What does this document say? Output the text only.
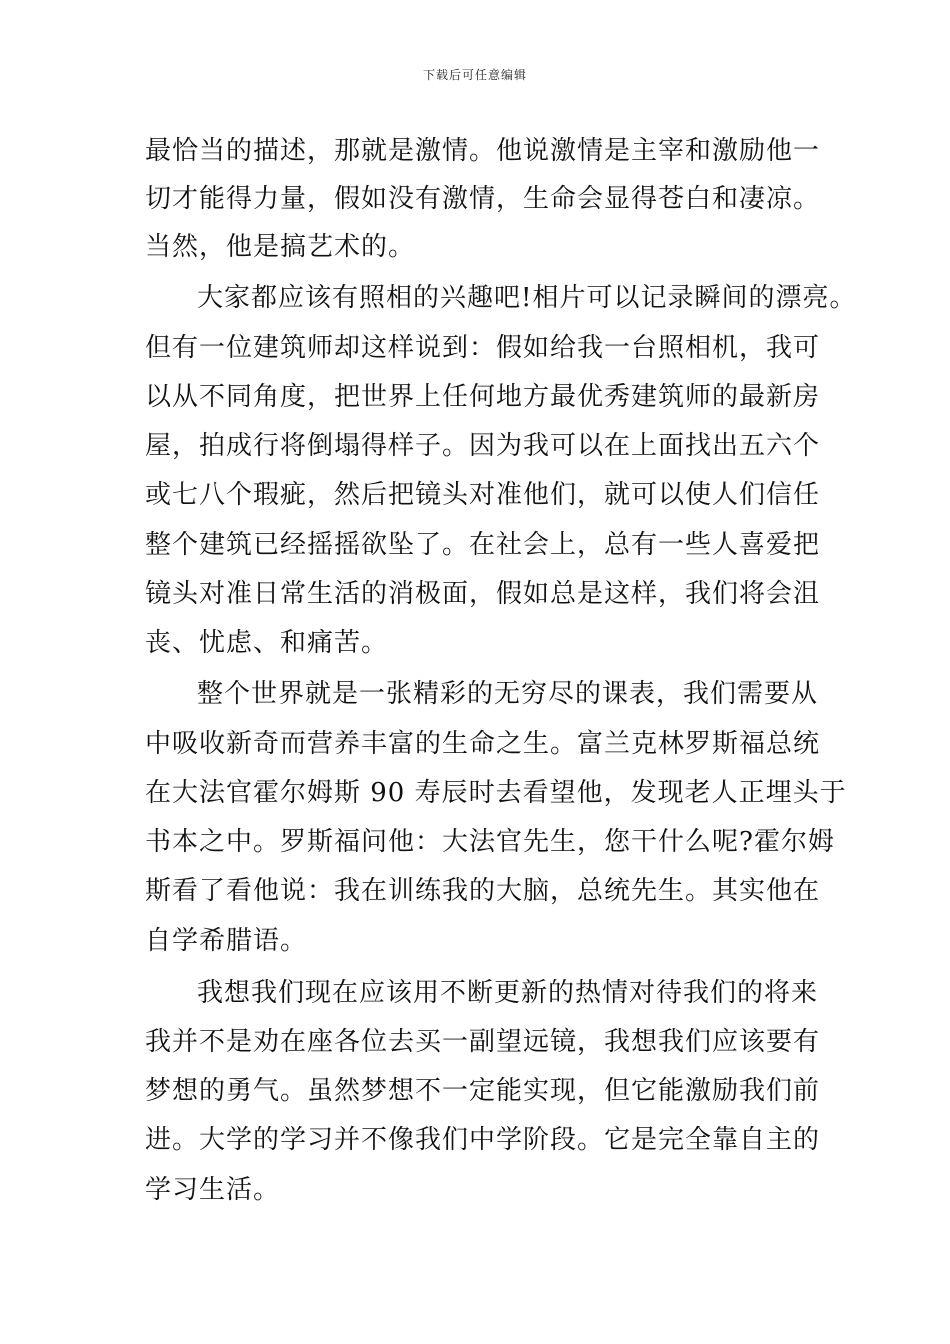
下载后可任意编辑
最恰当的描述，那就是激情。他说激情是主宰和激励他一
切才能得力量，假如没有激情，生命会显得苍白和凄凉。
当然，他是搞艺术的。
大家都应该有照相的兴趣吧!相片可以记录瞬间的漂亮。
但有一位建筑师却这样说到：假如给我一台照相机，我可
以从不同角度，把世界上任何地方最优秀建筑师的最新房
屋，拍成行将倒塌得样子。因为我可以在上面找出五六个
或七八个瑕疵，然后把镜头对准他们，就可以使人们信任
整个建筑已经摇摇欲坠了。在社会上，总有一些人喜爱把
镜头对准日常生活的消极面，假如总是这样，我们将会沮
丧、忧虑、和痛苦。
整个世界就是一张精彩的无穷尽的课表，我们需要从
中吸收新奇而营养丰富的生命之生。富兰克林罗斯福总统
在大法官霍尔姆斯 90 寿辰时去看望他，发现老人正埋头于
书本之中。罗斯福问他：大法官先生，您干什么呢?霍尔姆
斯看了看他说：我在训练我的大脑，总统先生。其实他在
自学希腊语。
我想我们现在应该用不断更新的热情对待我们的将来
我并不是劝在座各位去买一副望远镜，我想我们应该要有
梦想的勇气。虽然梦想不一定能实现，但它能激励我们前
进。大学的学习并不像我们中学阶段。它是完全靠自主的
学习生活。
